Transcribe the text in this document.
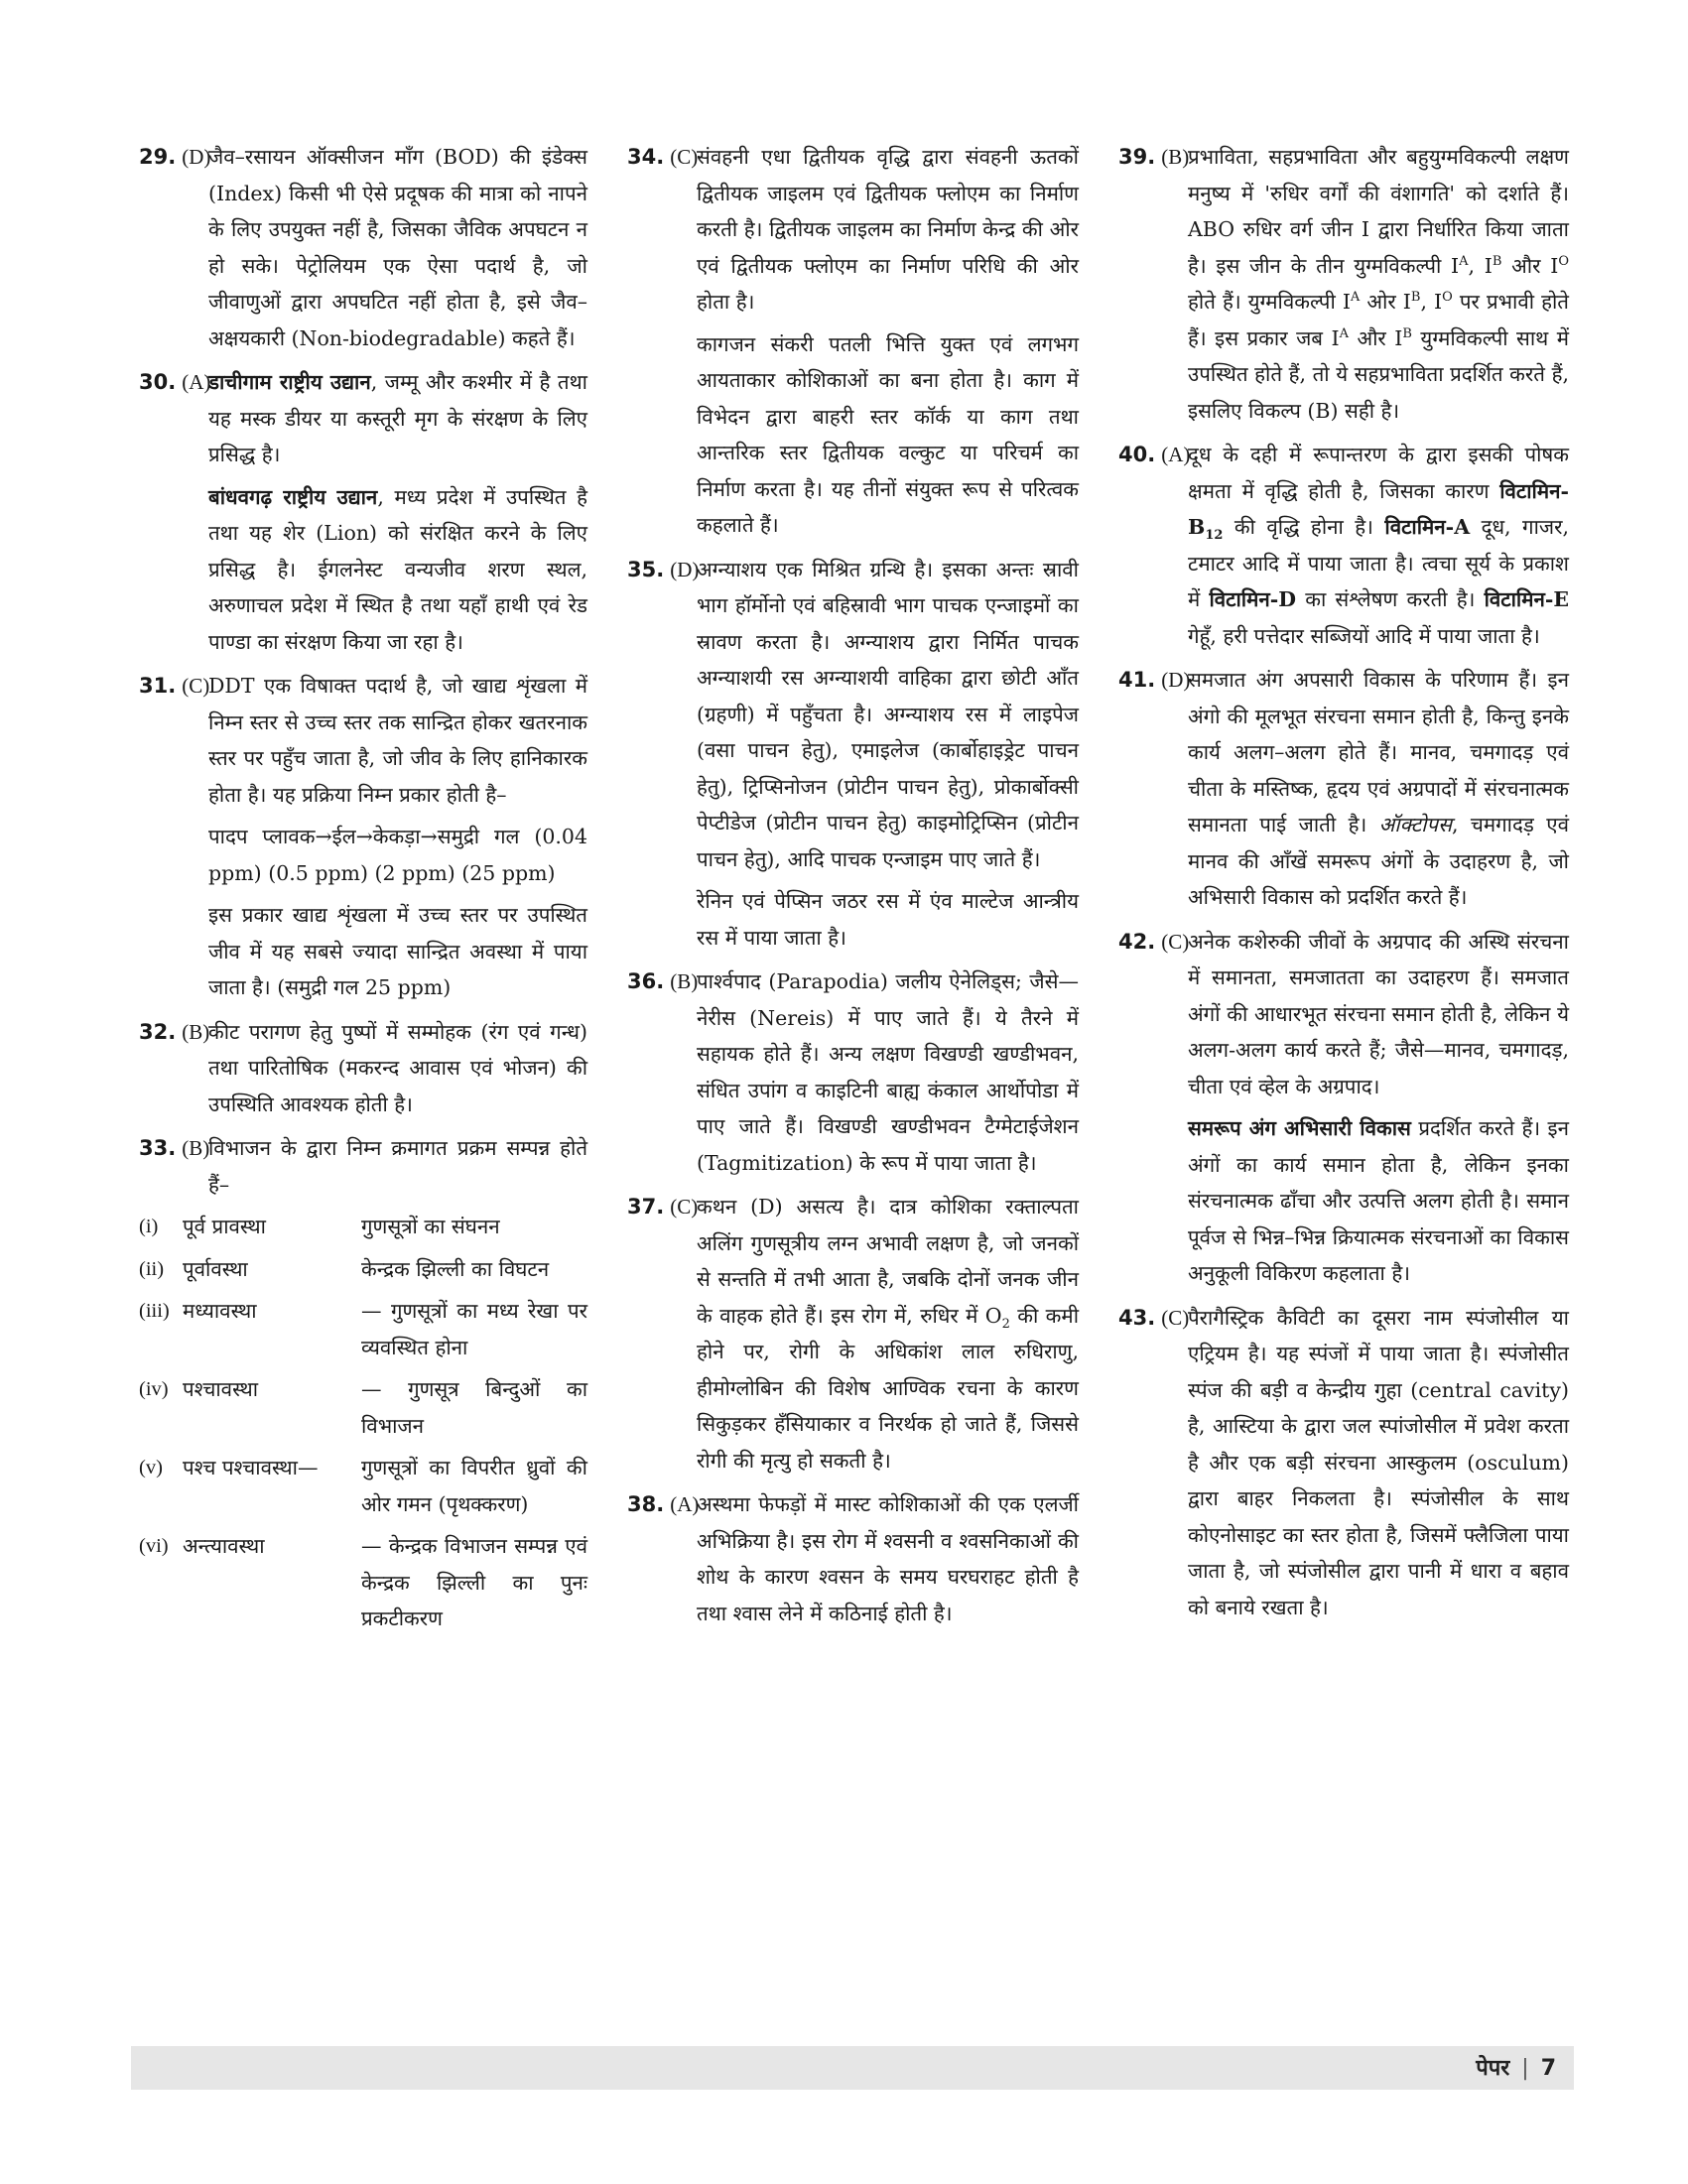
29. (D)
जैव–रसायन ऑक्सीजन माँग (BOD) की इंडेक्स (Index) किसी भी ऐसे प्रदूषक की मात्रा को नापने के लिए उपयुक्त नहीं है, जिसका जैविक अपघटन न हो सके। पेट्रोलियम एक ऐसा पदार्थ है, जो जीवाणुओं द्वारा अपघटित नहीं होता है, इसे जैव–अक्षयकारी (Non-biodegradable) कहते हैं।
30. (A)
डाचीगाम राष्ट्रीय उद्यान, जम्मू और कश्मीर में है तथा यह मस्क डीयर या कस्तूरी मृग के संरक्षण के लिए प्रसिद्ध है।
बांधवगढ़ राष्ट्रीय उद्यान, मध्य प्रदेश में उपस्थित है तथा यह शेर (Lion) को संरक्षित करने के लिए प्रसिद्ध है। ईगलनेस्ट वन्यजीव शरण स्थल, अरुणाचल प्रदेश में स्थित है तथा यहाँ हाथी एवं रेड पाण्डा का संरक्षण किया जा रहा है।
31. (C)
DDT एक विषाक्त पदार्थ है, जो खाद्य शृंखला में निम्न स्तर से उच्च स्तर तक सान्द्रित होकर खतरनाक स्तर पर पहुँच जाता है, जो जीव के लिए हानिकारक होता है। यह प्रक्रिया निम्न प्रकार होती है–
पादप प्लावक→ईल→केकड़ा→समुद्री गल (0.04 ppm) (0.5 ppm) (2 ppm) (25 ppm)
इस प्रकार खाद्य शृंखला में उच्च स्तर पर उपस्थित जीव में यह सबसे ज्यादा सान्द्रित अवस्था में पाया जाता है। (समुद्री गल 25 ppm)
32. (B)
कीट परागण हेतु पुष्पों में सम्मोहक (रंग एवं गन्ध) तथा पारितोषिक (मकरन्द आवास एवं भोजन) की उपस्थिति आवश्यक होती है।
33. (B)
विभाजन के द्वारा निम्न क्रमागत प्रक्रम सम्पन्न होते हैं–
(i)	पूर्व प्रावस्था	गुणसूत्रों का संघनन
(ii) पूर्वावस्था	केन्द्रक झिल्ली का विघटन
(iii) मध्यावस्था	— गुणसूत्रों का मध्य रेखा पर व्यवस्थित होना
(iv) पश्चावस्था	— गुणसूत्र बिन्दुओं का विभाजन
(v) पश्च पश्चावस्था—	गुणसूत्रों का विपरीत ध्रुवों की ओर गमन (पृथक्करण)
(vi) अन्त्यावस्था	— केन्द्रक विभाजन सम्पन्न एवं केन्द्रक झिल्ली का पुनः प्रकटीकरण
34. (C)
संवहनी एधा द्वितीयक वृद्धि द्वारा संवहनी ऊतकों द्वितीयक जाइलम एवं द्वितीयक फ्लोएम का निर्माण करती है। द्वितीयक जाइलम का निर्माण केन्द्र की ओर एवं द्वितीयक फ्लोएम का निर्माण परिधि की ओर होता है।
कागजन संकरी पतली भित्ति युक्त एवं लगभग आयताकार कोशिकाओं का बना होता है। काग में विभेदन द्वारा बाहरी स्तर कॉर्क या काग तथा आन्तरिक स्तर द्वितीयक वल्कुट या परिचर्म का निर्माण करता है। यह तीनों संयुक्त रूप से परित्वक कहलाते हैं।
35. (D)
अग्न्याशय एक मिश्रित ग्रन्थि है। इसका अन्तः स्रावी भाग हॉर्मोनो एवं बहिस्रावी भाग पाचक एन्जाइमों का स्रावण करता है। अग्न्याशय द्वारा निर्मित पाचक अग्न्याशयी रस अग्न्याशयी वाहिका द्वारा छोटी आँत (ग्रहणी) में पहुँचता है। अग्न्याशय रस में लाइपेज (वसा पाचन हेतु), एमाइलेज (कार्बोहाइड्रेट पाचन हेतु), ट्रिप्सिनोजन (प्रोटीन पाचन हेतु), प्रोकार्बोक्सी पेप्टीडेज (प्रोटीन पाचन हेतु) काइमोट्रिप्सिन (प्रोटीन पाचन हेतु), आदि पाचक एन्जाइम पाए जाते हैं।
रेनिन एवं पेप्सिन जठर रस में एंव माल्टेज आन्त्रीय रस में पाया जाता है।
36. (B)
पार्श्वपाद (Parapodia) जलीय ऐनेलिड्स; जैसे—नेरीस (Nereis) में पाए जाते हैं। ये तैरने में सहायक होते हैं। अन्य लक्षण विखण्डी खण्डीभवन, संधित उपांग व काइटिनी बाह्य कंकाल आर्थोपोडा में पाए जाते हैं। विखण्डी खण्डीभवन टैग्मेटाईजेशन (Tagmitization) के रूप में पाया जाता है।
37. (C)
कथन (D) असत्य है। दात्र कोशिका रक्ताल्पता अलिंग गुणसूत्रीय लग्न अभावी लक्षण है, जो जनकों से सन्तति में तभी आता है, जबकि दोनों जनक जीन के वाहक होते हैं। इस रोग में, रुधिर में $O_2$ की कमी होने पर, रोगी के अधिकांश लाल रुधिराणु, हीमोग्लोबिन की विशेष आण्विक रचना के कारण सिकुड़कर हँसियाकार व निरर्थक हो जाते हैं, जिससे रोगी की मृत्यु हो सकती है।
38. (A)
अस्थमा फेफड़ों में मास्ट कोशिकाओं की एक एलर्जी अभिक्रिया है। इस रोग में श्वसनी व श्वसनिकाओं की शोथ के कारण श्वसन के समय घरघराहट होती है तथा श्वास लेने में कठिनाई होती है।
39. (B)
प्रभाविता, सहप्रभाविता और बहुयुग्मविकल्पी लक्षण मनुष्य में 'रुधिर वर्गों की वंशागति' को दर्शाते हैं। ABO रुधिर वर्ग जीन I द्वारा निर्धारित किया जाता है। इस जीन के तीन युग्मविकल्पी $I^A$, $I^B$ और $I^O$ होते हैं। युग्मविकल्पी $I^A$ ओर $I^B$, $I^O$ पर प्रभावी होते हैं। इस प्रकार जब $I^A$ और $I^B$ युग्मविकल्पी साथ में उपस्थित होते हैं, तो ये सहप्रभाविता प्रदर्शित करते हैं, इसलिए विकल्प (B) सही है।
40. (A)
दूध के दही में रूपान्तरण के द्वारा इसकी पोषक क्षमता में वृद्धि होती है, जिसका कारण $विटामिन-B_{12}$ की वृद्धि होना है। विटामिन-A दूध, गाजर, टमाटर आदि में पाया जाता है। त्वचा सूर्य के प्रकाश में विटामिन-D का संश्लेषण करती है। विटामिन-E गेहूँ, हरी पत्तेदार सब्जियों आदि में पाया जाता है।
41. (D)
समजात अंग अपसारी विकास के परिणाम हैं। इन अंगो की मूलभूत संरचना समान होती है, किन्तु इनके कार्य अलग–अलग होते हैं। मानव, चमगादड़ एवं चीता के मस्तिष्क, हृदय एवं अग्रपादों में संरचनात्मक समानता पाई जाती है। ऑक्टोपस, चमगादड़ एवं मानव की आँखें समरूप अंगों के उदाहरण है, जो अभिसारी विकास को प्रदर्शित करते हैं।
42. (C)
अनेक कशेरुकी जीवों के अग्रपाद की अस्थि संरचना में समानता, समजातता का उदाहरण हैं। समजात अंगों की आधारभूत संरचना समान होती है, लेकिन ये अलग-अलग कार्य करते हैं; जैसे—मानव, चमगादड़, चीता एवं व्हेल के अग्रपाद।
समरूप अंग अभिसारी विकास प्रदर्शित करते हैं। इन अंगों का कार्य समान होता है, लेकिन इनका संरचनात्मक ढाँचा और उत्पत्ति अलग होती है। समान पूर्वज से भिन्न–भिन्न क्रियात्मक संरचनाओं का विकास अनुकूली विकिरण कहलाता है।
43. (C)
पैरागैस्ट्रिक कैविटी का दूसरा नाम स्पंजोसील या एट्रियम है। यह स्पंजों में पाया जाता है। स्पंजोसीत स्पंज की बड़ी व केन्द्रीय गुहा (central cavity) है, आस्टिया के द्वारा जल स्पांजोसील में प्रवेश करता है और एक बड़ी संरचना आस्कुलम (osculum) द्वारा बाहर निकलता है। स्पंजोसील के साथ कोएनोसाइट का स्तर होता है, जिसमें फ्लैजिला पाया जाता है, जो स्पंजोसील द्वारा पानी में धारा व बहाव को बनाये रखता है।
पेपर | 7
